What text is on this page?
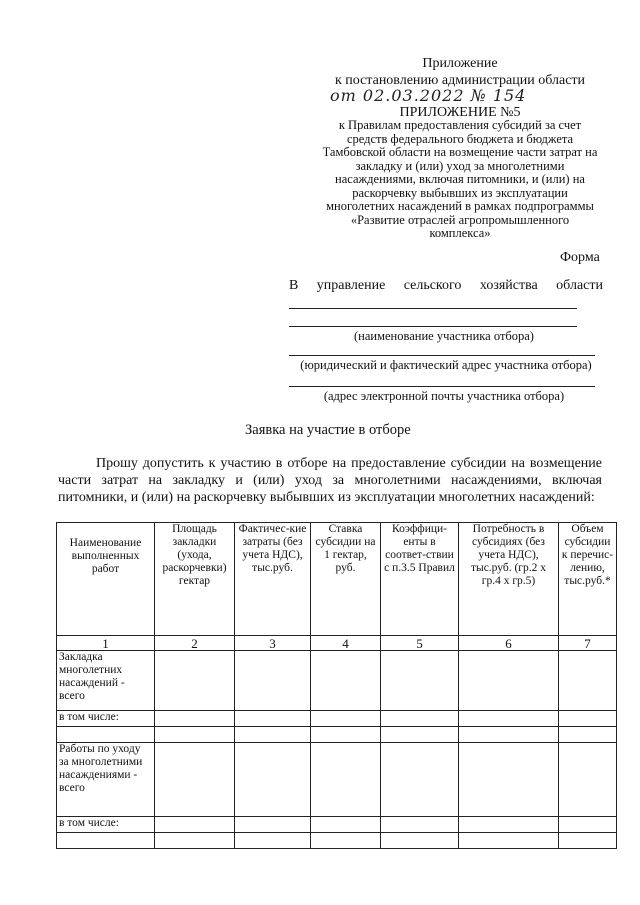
Приложение
к постановлению администрации области
от 02.03.2022 № 154
ПРИЛОЖЕНИЕ №5
к Правилам предоставления субсидий за счет
средств федерального бюджета и бюджета
Тамбовской области на возмещение части затрат на
закладку и (или) уход за многолетними
насаждениями, включая питомники, и (или) на
раскорчевку выбывших из эксплуатации
многолетних насаждений в рамках подпрограммы
«Развитие отраслей агропромышленного
комплекса»
Форма
В управление сельского хозяйства области
(наименование участника отбора)
(юридический и фактический адрес участника отбора)
(адрес электронной почты участника отбора)
Заявка на участие в отборе
Прошу допустить к участию в отборе на предоставление субсидии на возмещение части затрат на закладку и (или) уход за многолетними насаждениями, включая питомники, и (или) на раскорчевку выбывших из эксплуатации многолетних насаждений:
Наименование выполненных работ	Площадь закладки (ухода, раскорчевки) гектар	Фактичес-кие затраты (без учета НДС), тыс.руб.	Ставка субсидии на 1 гектар, руб.	Коэффици-енты в соответ-ствии с п.3.5 Правил	Потребность в субсидиях (без учета НДС), тыс.руб. (гр.2 х гр.4 х гр.5)	Объем субсидии к перечис-лению, тыс.руб.*
1	2	3	4	5	6	7
Закладка многолетних насаждений - всего						
в том числе:						

Работы по уходу за многолетними насаждениями - всего						
в том числе:						
